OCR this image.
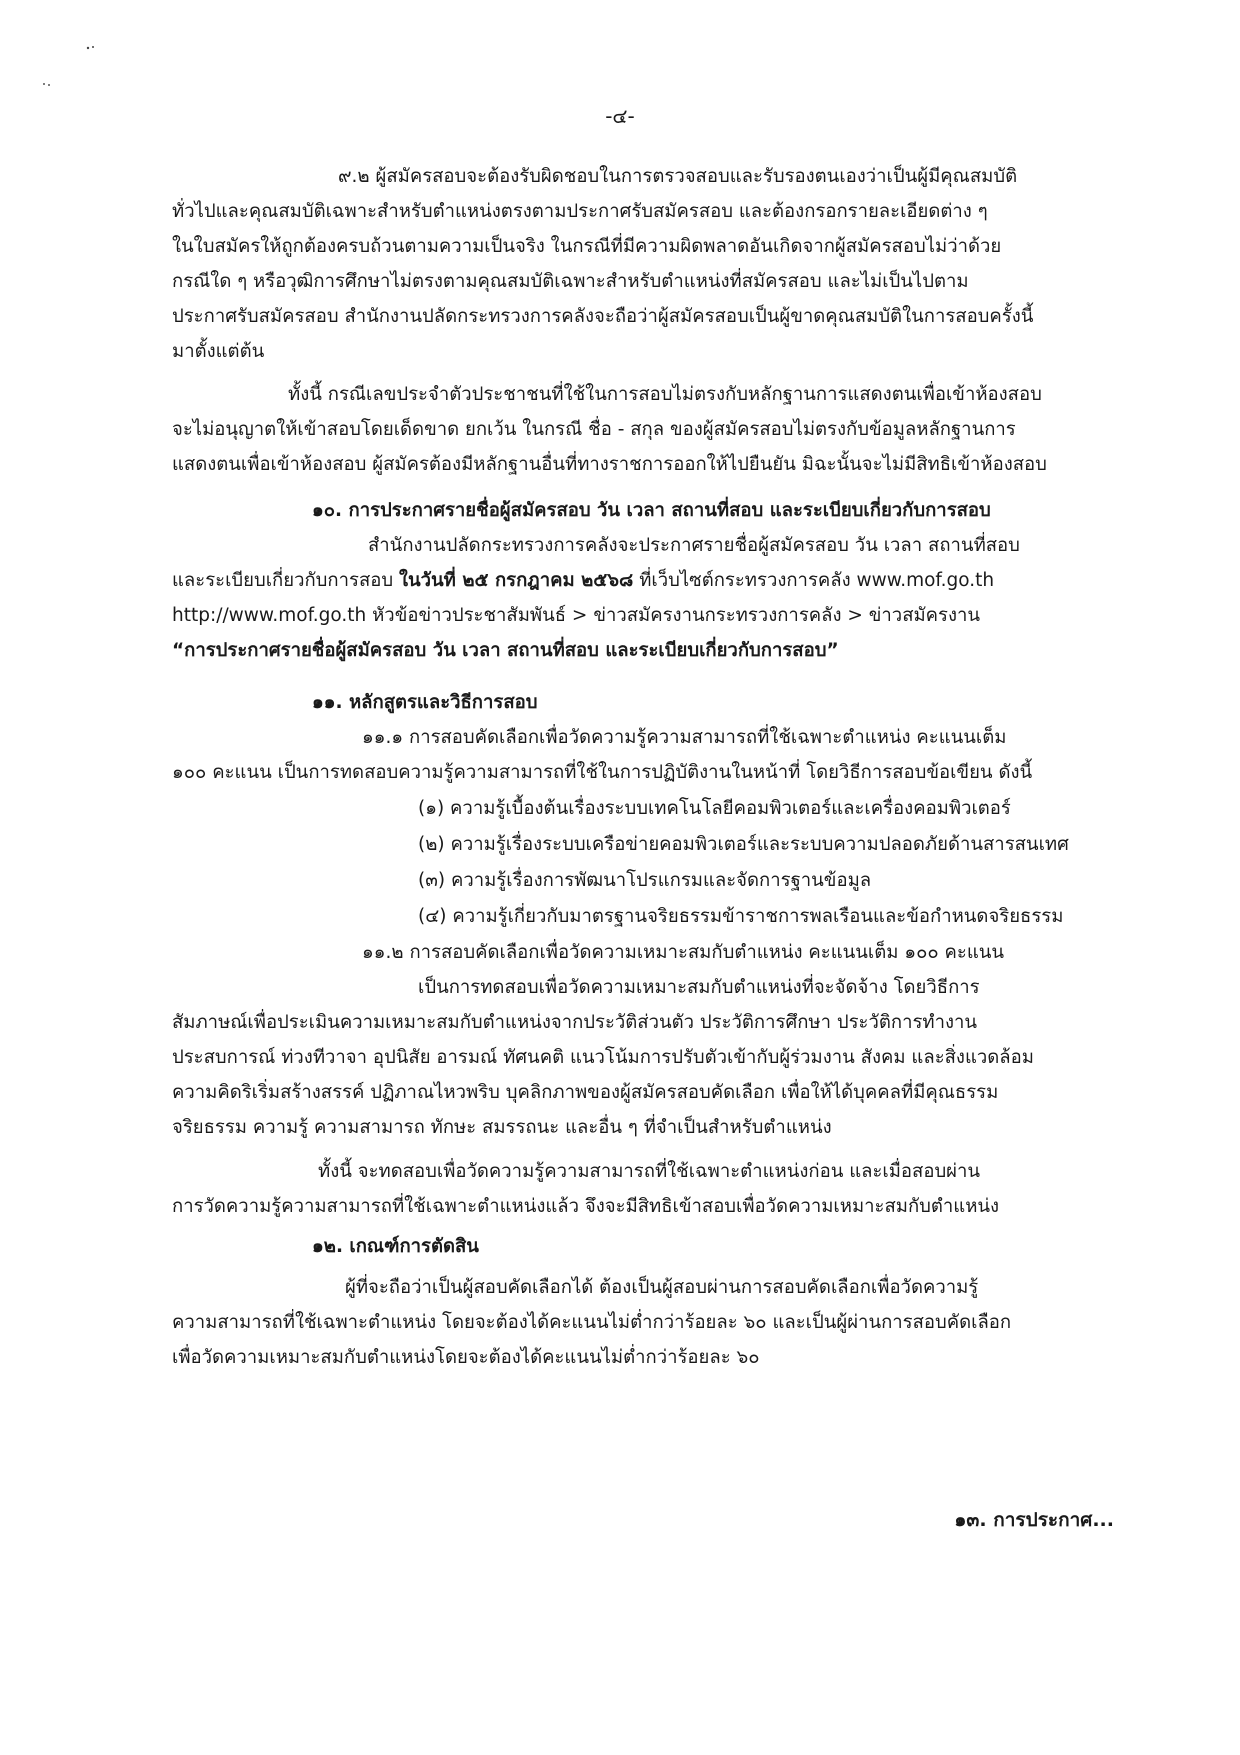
-๔-

๙.๒ ผู้สมัครสอบจะต้องรับผิดชอบในการตรวจสอบและรับรองตนเองว่าเป็นผู้มีคุณสมบัติ

ทั่วไปและคุณสมบัติเฉพาะสำหรับตำแหน่งตรงตามประกาศรับสมัครสอบ และต้องกรอกรายละเอียดต่าง ๆ

ในใบสมัครให้ถูกต้องครบถ้วนตามความเป็นจริง ในกรณีที่มีความผิดพลาดอันเกิดจากผู้สมัครสอบไม่ว่าด้วย

กรณีใด ๆ หรือวุฒิการศึกษาไม่ตรงตามคุณสมบัติเฉพาะสำหรับตำแหน่งที่สมัครสอบ และไม่เป็นไปตาม

ประกาศรับสมัครสอบ สำนักงานปลัดกระทรวงการคลังจะถือว่าผู้สมัครสอบเป็นผู้ขาดคุณสมบัติในการสอบครั้งนี้

มาตั้งแต่ต้น

ทั้งนี้ กรณีเลขประจำตัวประชาชนที่ใช้ในการสอบไม่ตรงกับหลักฐานการแสดงตนเพื่อเข้าห้องสอบ

จะไม่อนุญาตให้เข้าสอบโดยเด็ดขาด ยกเว้น ในกรณี ชื่อ - สกุล ของผู้สมัครสอบไม่ตรงกับข้อมูลหลักฐานการ

แสดงตนเพื่อเข้าห้องสอบ ผู้สมัครต้องมีหลักฐานอื่นที่ทางราชการออกให้ไปยืนยัน มิฉะนั้นจะไม่มีสิทธิเข้าห้องสอบ

๑๐. การประกาศรายชื่อผู้สมัครสอบ วัน เวลา สถานที่สอบ และระเบียบเกี่ยวกับการสอบ

สำนักงานปลัดกระทรวงการคลังจะประกาศรายชื่อผู้สมัครสอบ วัน เวลา สถานที่สอบ

และระเบียบเกี่ยวกับการสอบ ในวันที่ ๒๕ กรกฎาคม ๒๕๖๘ ที่เว็บไซต์กระทรวงการคลัง www.mof.go.th

http://www.mof.go.th หัวข้อข่าวประชาสัมพันธ์ > ข่าวสมัครงานกระทรวงการคลัง > ข่าวสมัครงาน

“การประกาศรายชื่อผู้สมัครสอบ วัน เวลา สถานที่สอบ และระเบียบเกี่ยวกับการสอบ”

๑๑. หลักสูตรและวิธีการสอบ

๑๑.๑ การสอบคัดเลือกเพื่อวัดความรู้ความสามารถที่ใช้เฉพาะตำแหน่ง คะแนนเต็ม

๑๐๐ คะแนน เป็นการทดสอบความรู้ความสามารถที่ใช้ในการปฏิบัติงานในหน้าที่ โดยวิธีการสอบข้อเขียน ดังนี้

(๑) ความรู้เบื้องต้นเรื่องระบบเทคโนโลยีคอมพิวเตอร์และเครื่องคอมพิวเตอร์

(๒) ความรู้เรื่องระบบเครือข่ายคอมพิวเตอร์และระบบความปลอดภัยด้านสารสนเทศ

(๓) ความรู้เรื่องการพัฒนาโปรแกรมและจัดการฐานข้อมูล

(๔) ความรู้เกี่ยวกับมาตรฐานจริยธรรมข้าราชการพลเรือนและข้อกำหนดจริยธรรม

๑๑.๒ การสอบคัดเลือกเพื่อวัดความเหมาะสมกับตำแหน่ง คะแนนเต็ม ๑๐๐ คะแนน

เป็นการทดสอบเพื่อวัดความเหมาะสมกับตำแหน่งที่จะจัดจ้าง โดยวิธีการ

สัมภาษณ์เพื่อประเมินความเหมาะสมกับตำแหน่งจากประวัติส่วนตัว ประวัติการศึกษา ประวัติการทำงาน

ประสบการณ์ ท่วงทีวาจา อุปนิสัย อารมณ์ ทัศนคติ แนวโน้มการปรับตัวเข้ากับผู้ร่วมงาน สังคม และสิ่งแวดล้อม

ความคิดริเริ่มสร้างสรรค์ ปฏิภาณไหวพริบ บุคลิกภาพของผู้สมัครสอบคัดเลือก เพื่อให้ได้บุคคลที่มีคุณธรรม

จริยธรรม ความรู้ ความสามารถ ทักษะ สมรรถนะ และอื่น ๆ ที่จำเป็นสำหรับตำแหน่ง

ทั้งนี้ จะทดสอบเพื่อวัดความรู้ความสามารถที่ใช้เฉพาะตำแหน่งก่อน และเมื่อสอบผ่าน

การวัดความรู้ความสามารถที่ใช้เฉพาะตำแหน่งแล้ว จึงจะมีสิทธิเข้าสอบเพื่อวัดความเหมาะสมกับตำแหน่ง

๑๒. เกณฑ์การตัดสิน

ผู้ที่จะถือว่าเป็นผู้สอบคัดเลือกได้ ต้องเป็นผู้สอบผ่านการสอบคัดเลือกเพื่อวัดความรู้

ความสามารถที่ใช้เฉพาะตำแหน่ง โดยจะต้องได้คะแนนไม่ต่ำกว่าร้อยละ ๖๐ และเป็นผู้ผ่านการสอบคัดเลือก

เพื่อวัดความเหมาะสมกับตำแหน่งโดยจะต้องได้คะแนนไม่ต่ำกว่าร้อยละ ๖๐

๑๓. การประกาศ...
